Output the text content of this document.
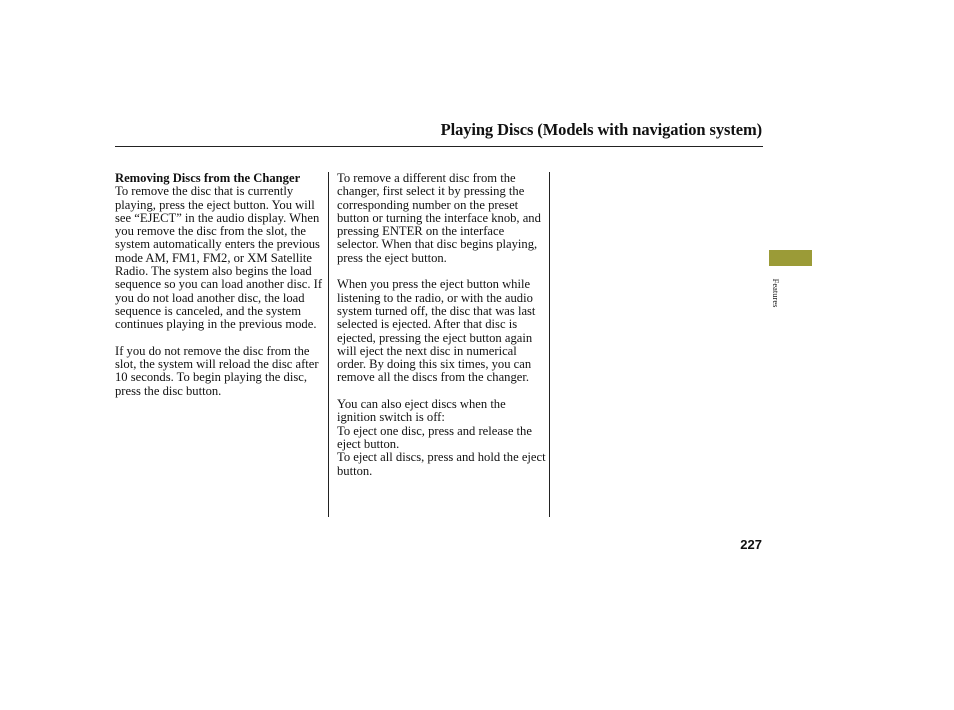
Playing Discs (Models with navigation system)

Removing Discs from the Changer

To remove the disc that is currently playing, press the eject button. You will see “EJECT” in the audio display. When you remove the disc from the slot, the system automatically enters the previous mode AM, FM1, FM2, or XM Satellite Radio. The system also begins the load sequence so you can load another disc. If you do not load another disc, the load sequence is canceled, and the system continues playing in the previous mode.

If you do not remove the disc from the slot, the system will reload the disc after 10 seconds. To begin playing the disc, press the disc button.

To remove a different disc from the changer, first select it by pressing the corresponding number on the preset button or turning the interface knob, and pressing ENTER on the interface selector. When that disc begins playing, press the eject button.

When you press the eject button while listening to the radio, or with the audio system turned off, the disc that was last selected is ejected. After that disc is ejected, pressing the eject button again will eject the next disc in numerical order. By doing this six times, you can remove all the discs from the changer.

You can also eject discs when the ignition switch is off:

To eject one disc, press and release the eject button.

To eject all discs, press and hold the eject button.

Features
227
